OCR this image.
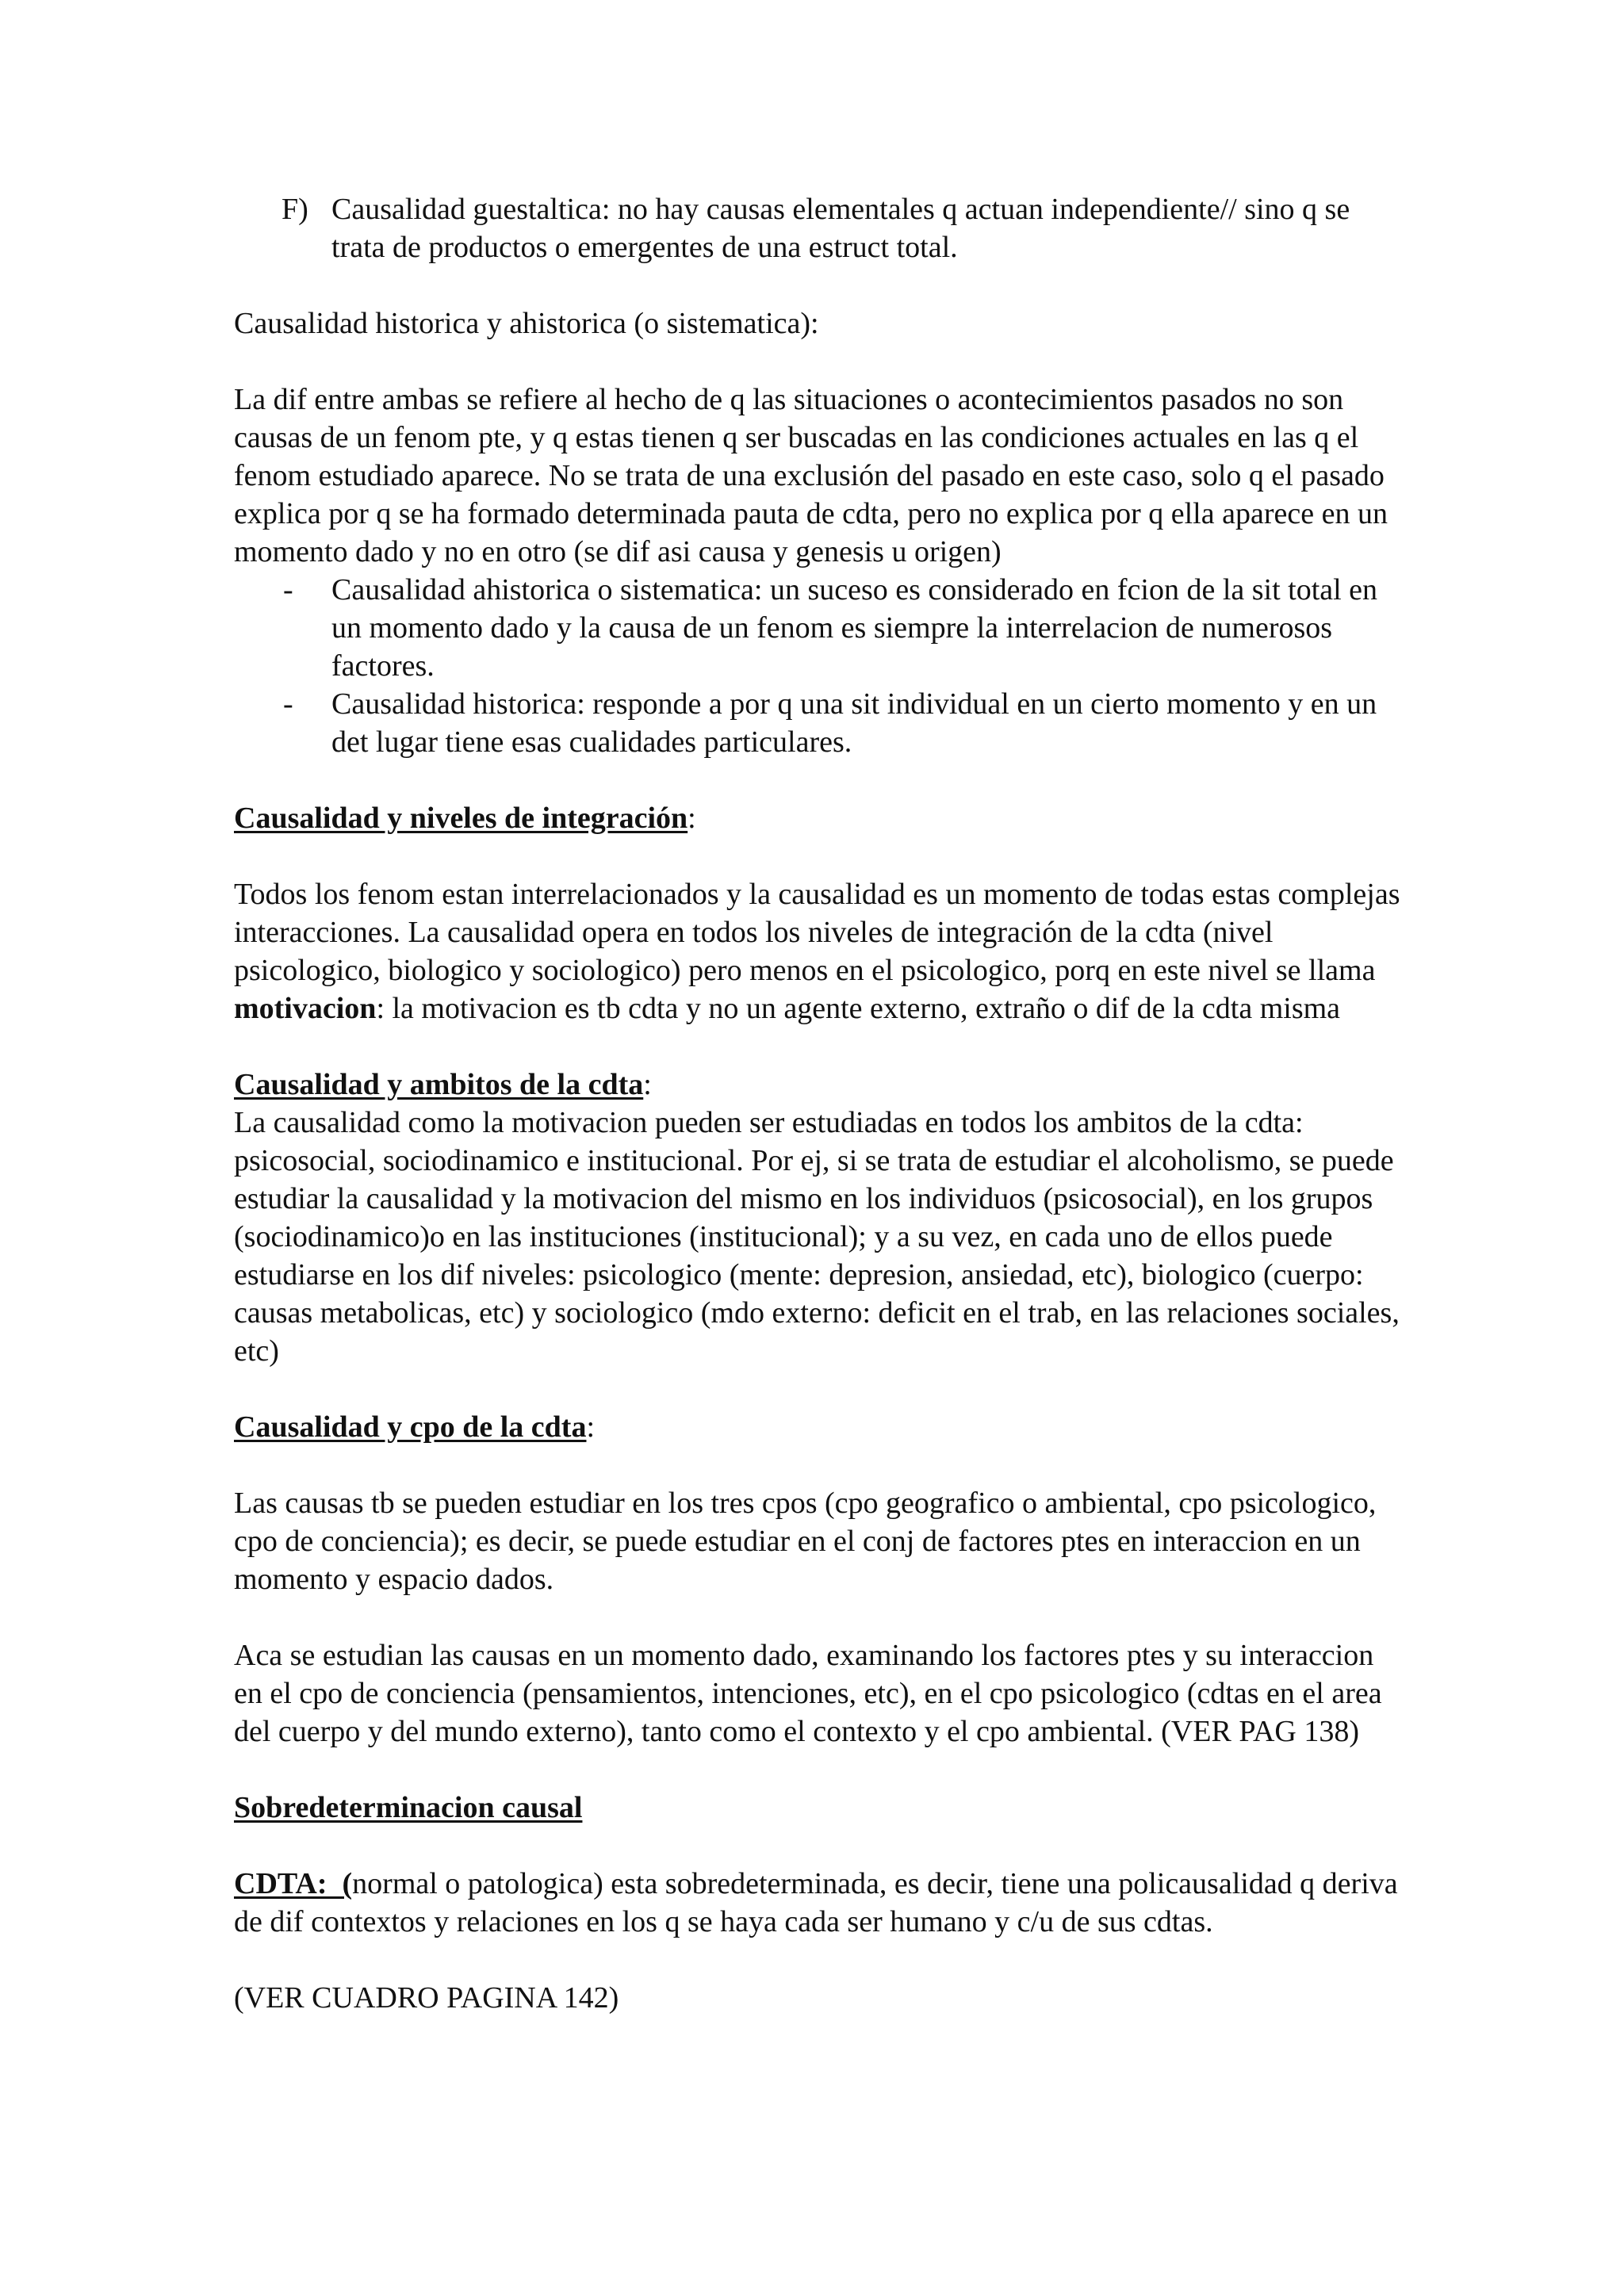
F) Causalidad guestaltica: no hay causas elementales q actuan independiente// sino q se trata de productos o emergentes de una estruct total.

Causalidad historica y ahistorica (o sistematica):

La dif entre ambas se refiere al hecho de q las situaciones o acontecimientos pasados no son causas de un fenom pte, y q estas tienen q ser buscadas en las condiciones actuales en las q el fenom estudiado aparece. No se trata de una exclusión del pasado en este caso, solo q el pasado explica por q se ha formado determinada pauta de cdta, pero no explica por q ella aparece en un momento dado y no en otro (se dif asi causa y genesis u origen)

- Causalidad ahistorica o sistematica: un suceso es considerado en fcion de la sit total en un momento dado y la causa de un fenom es siempre la interrelacion de numerosos factores.

- Causalidad historica: responde a por q una sit individual en un cierto momento y en un det lugar tiene esas cualidades particulares.

Causalidad y niveles de integración:

Todos los fenom estan interrelacionados y la causalidad es un momento de todas estas complejas interacciones. La causalidad opera en todos los niveles de integración de la cdta (nivel psicologico, biologico y sociologico) pero menos en el psicologico, porq en este nivel se llama motivacion: la motivacion es tb cdta y no un agente externo, extraño o dif de la cdta misma

Causalidad y ambitos de la cdta:

La causalidad como la motivacion pueden ser estudiadas en todos los ambitos de la cdta: psicosocial, sociodinamico e institucional. Por ej, si se trata de estudiar el alcoholismo, se puede estudiar la causalidad y la motivacion del mismo en los individuos (psicosocial), en los grupos (sociodinamico)o en las instituciones (institucional); y a su vez, en cada uno de ellos puede estudiarse en los dif niveles: psicologico (mente: depresion, ansiedad, etc), biologico (cuerpo: causas metabolicas, etc) y sociologico (mdo externo: deficit en el trab, en las relaciones sociales, etc)

Causalidad y cpo de la cdta:

Las causas tb se pueden estudiar en los tres cpos (cpo geografico o ambiental, cpo psicologico, cpo de conciencia); es decir, se puede estudiar en el conj de factores ptes en interaccion en un momento y espacio dados.

Aca se estudian las causas en un momento dado, examinando los factores ptes y su interaccion en el cpo de conciencia (pensamientos, intenciones, etc), en el cpo psicologico (cdtas en el area del cuerpo y del mundo externo), tanto como el contexto y el cpo ambiental. (VER PAG 138)

Sobredeterminacion causal

CDTA:  (normal o patologica) esta sobredeterminada, es decir, tiene una policausalidad q deriva de dif contextos y relaciones en los q se haya cada ser humano y c/u de sus cdtas.

(VER CUADRO PAGINA 142)
